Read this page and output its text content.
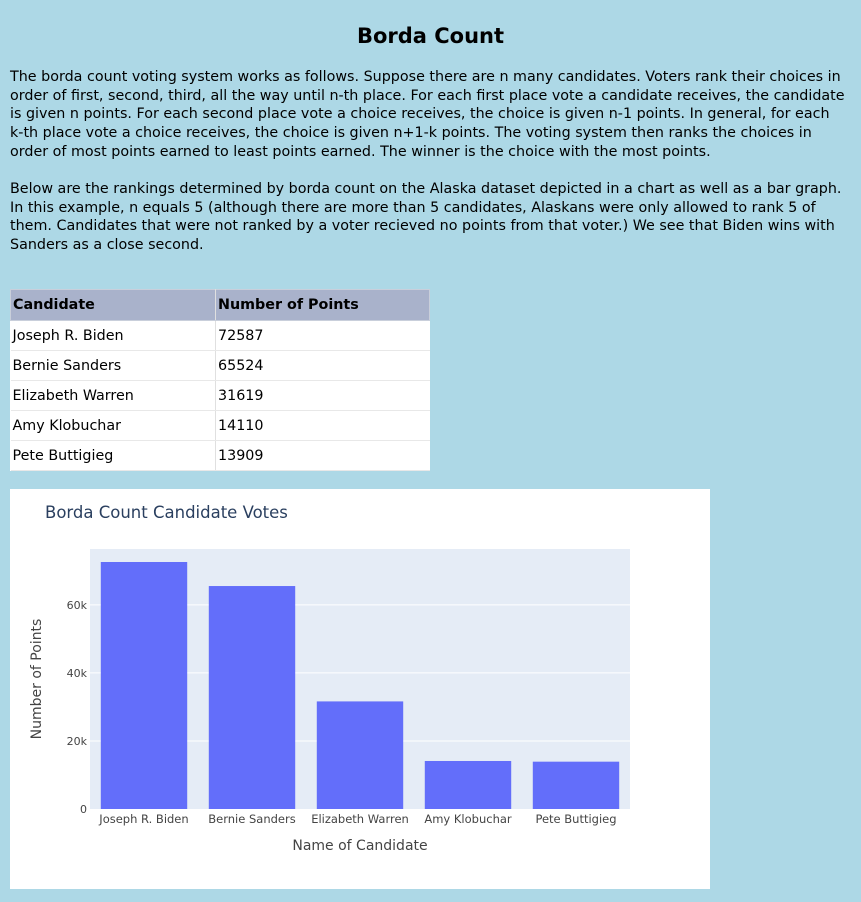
Borda Count

The borda count voting system works as follows. Suppose there are n many candidates. Voters rank their choices in order of first, second, third, all the way until n-th place. For each first place vote a candidate receives, the candidate is given n points. For each second place vote a choice receives, the choice is given n-1 points. In general, for each k-th place vote a choice receives, the choice is given n+1-k points. The voting system then ranks the choices in order of most points earned to least points earned. The winner is the choice with the most points.

Below are the rankings determined by borda count on the Alaska dataset depicted in a chart as well as a bar graph. In this example, n equals 5 (although there are more than 5 candidates, Alaskans were only allowed to rank 5 of them. Candidates that were not ranked by a voter recieved no points from that voter.) We see that Biden wins with Sanders as a close second.

Candidate	Number of Points
Joseph R. Biden	72587
Bernie Sanders	65524
Elizabeth Warren	31619
Amy Klobuchar	14110
Pete Buttigieg	13909

Borda Count Candidate Votes

0
20k
40k
60k
Joseph R. Biden Bernie Sanders Elizabeth Warren Amy Klobuchar Pete Buttigieg
Name of Candidate
Number of Points
